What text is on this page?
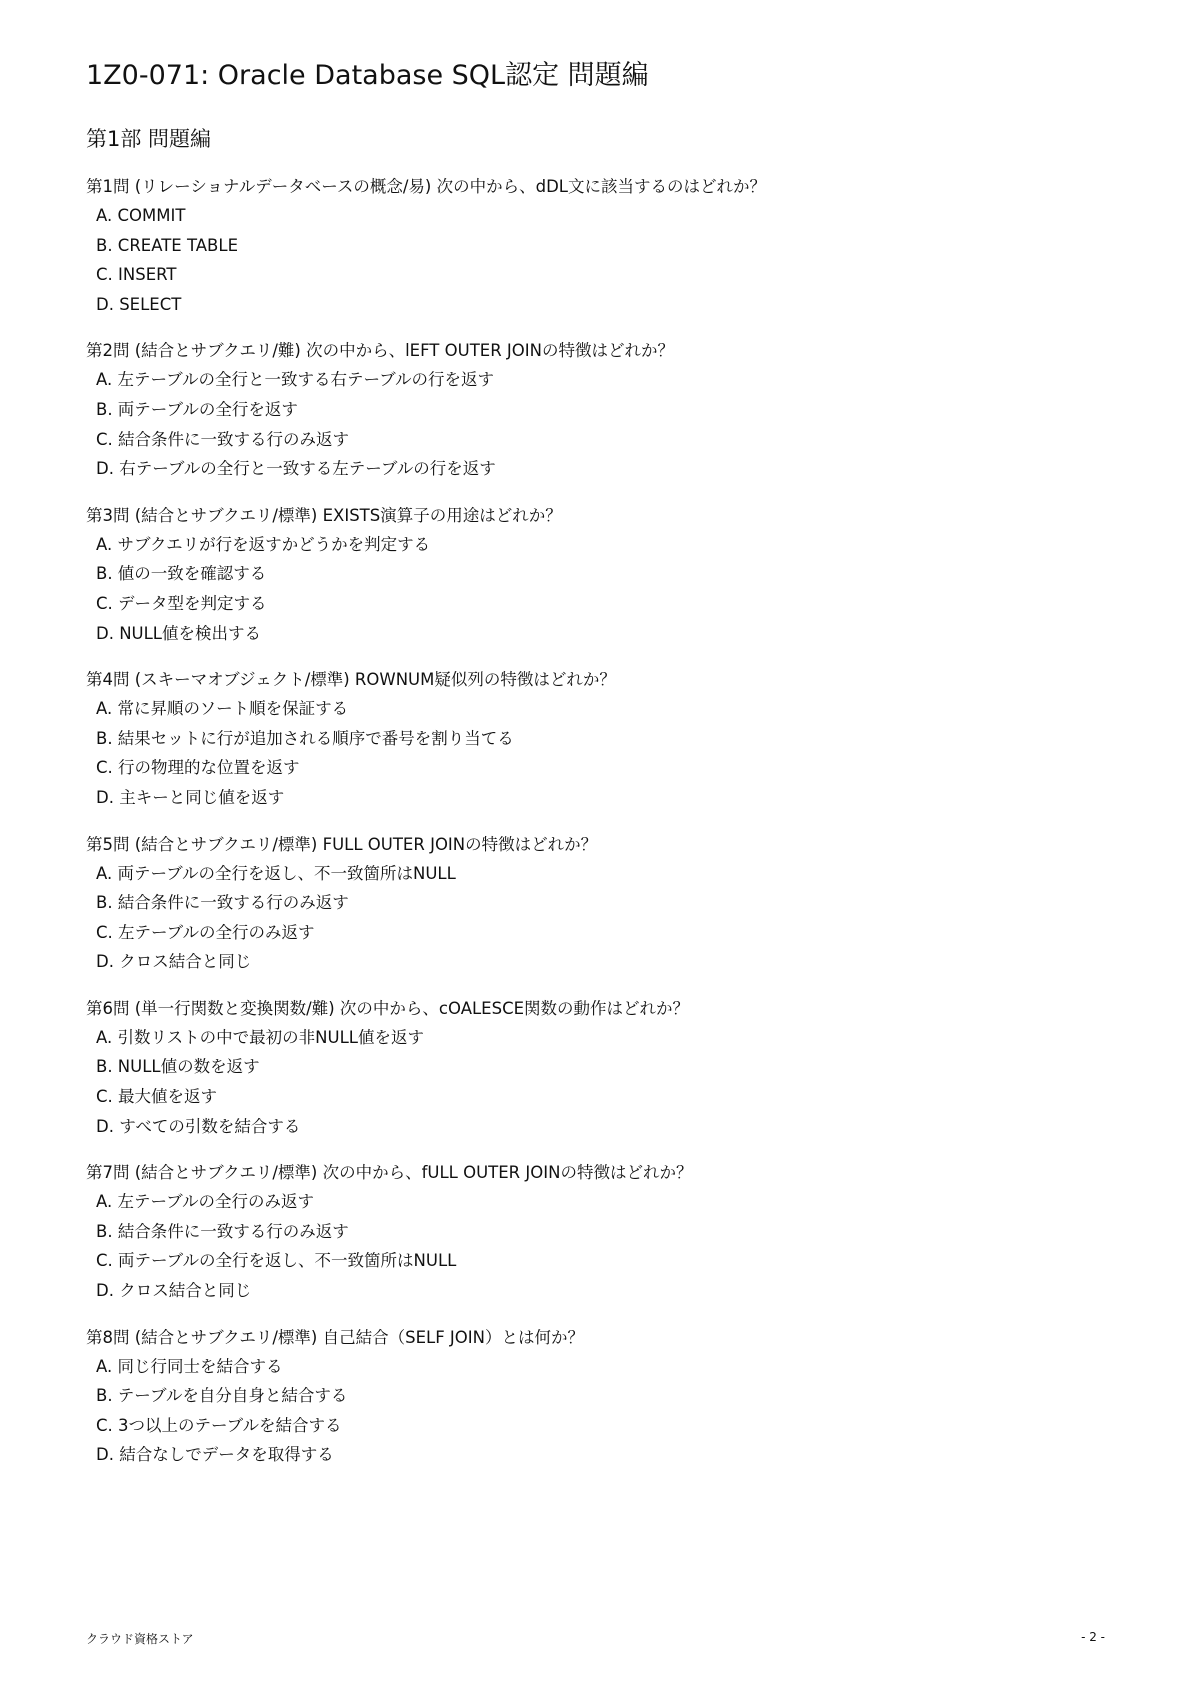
1Z0-071: Oracle Database SQL認定 問題編
第1部 問題編
第1問 (リレーショナルデータベースの概念/易) 次の中から、dDL文に該当するのはどれか？
A. COMMIT
B. CREATE TABLE
C. INSERT
D. SELECT
第2問 (結合とサブクエリ/難) 次の中から、lEFT OUTER JOINの特徴はどれか？
A. 左テーブルの全行と一致する右テーブルの行を返す
B. 両テーブルの全行を返す
C. 結合条件に一致する行のみ返す
D. 右テーブルの全行と一致する左テーブルの行を返す
第3問 (結合とサブクエリ/標準) EXISTS演算子の用途はどれか？
A. サブクエリが行を返すかどうかを判定する
B. 値の一致を確認する
C. データ型を判定する
D. NULL値を検出する
第4問 (スキーマオブジェクト/標準) ROWNUM疑似列の特徴はどれか？
A. 常に昇順のソート順を保証する
B. 結果セットに行が追加される順序で番号を割り当てる
C. 行の物理的な位置を返す
D. 主キーと同じ値を返す
第5問 (結合とサブクエリ/標準) FULL OUTER JOINの特徴はどれか？
A. 両テーブルの全行を返し、不一致箇所はNULL
B. 結合条件に一致する行のみ返す
C. 左テーブルの全行のみ返す
D. クロス結合と同じ
第6問 (単一行関数と変換関数/難) 次の中から、cOALESCE関数の動作はどれか？
A. 引数リストの中で最初の非NULL値を返す
B. NULL値の数を返す
C. 最大値を返す
D. すべての引数を結合する
第7問 (結合とサブクエリ/標準) 次の中から、fULL OUTER JOINの特徴はどれか？
A. 左テーブルの全行のみ返す
B. 結合条件に一致する行のみ返す
C. 両テーブルの全行を返し、不一致箇所はNULL
D. クロス結合と同じ
第8問 (結合とサブクエリ/標準) 自己結合（SELF JOIN）とは何か？
A. 同じ行同士を結合する
B. テーブルを自分自身と結合する
C. 3つ以上のテーブルを結合する
D. 結合なしでデータを取得する
クラウド資格ストア	- 2 -
